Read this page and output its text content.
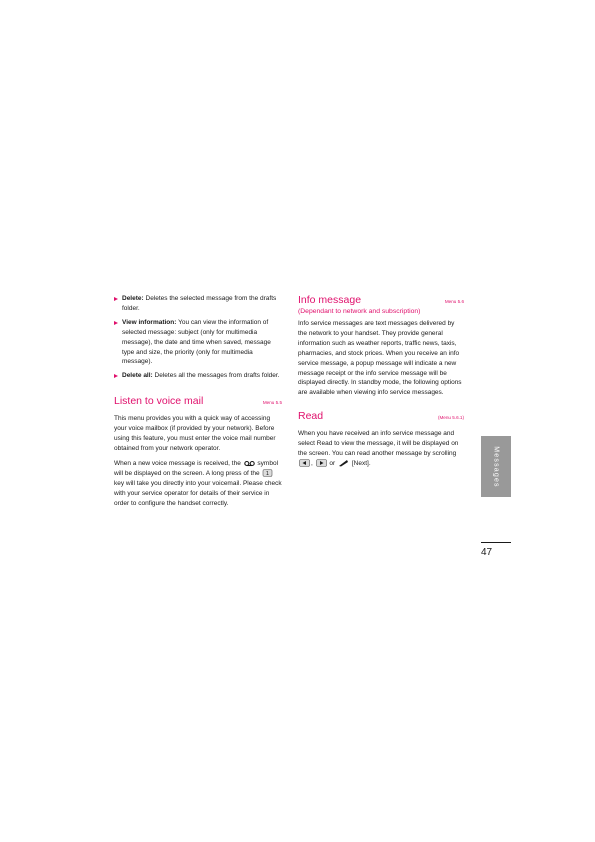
Delete: Deletes the selected message from the drafts folder.
View information: You can view the information of selected message: subject (only for multimedia message), the date and time when saved, message type and size, the priority (only for multimedia message).
Delete all: Deletes all the messages from drafts folder.
Listen to voice mail	Menu 5.5

This menu provides you with a quick way of accessing your voice mailbox (if provided by your network). Before using this feature, you must enter the voice mail number obtained from your network operator.

When a new voice message is received, the
symbol will be displayed on the screen. A long press of the 1
key will take you directly into your voicemail. Please check with your service operator for details of their service in order to configure the handset correctly.

Info message	Menu 5.6
(Dependant to network and subscription)

Info service messages are text messages delivered by the network to your handset. They provide general information such as weather reports, traffic news, taxis, pharmacies, and stock prices. When you receive an info service message, a popup message will indicate a new message receipt or the info service message will be displayed directly. In standby mode, the following options are available when viewing info service messages.

Read	(Menu 5.6.1)

When you have received an info service message and select Read to view the message, it will be displayed on the screen. You can read another message by scrolling
,
or
[Next].	Messages
47
